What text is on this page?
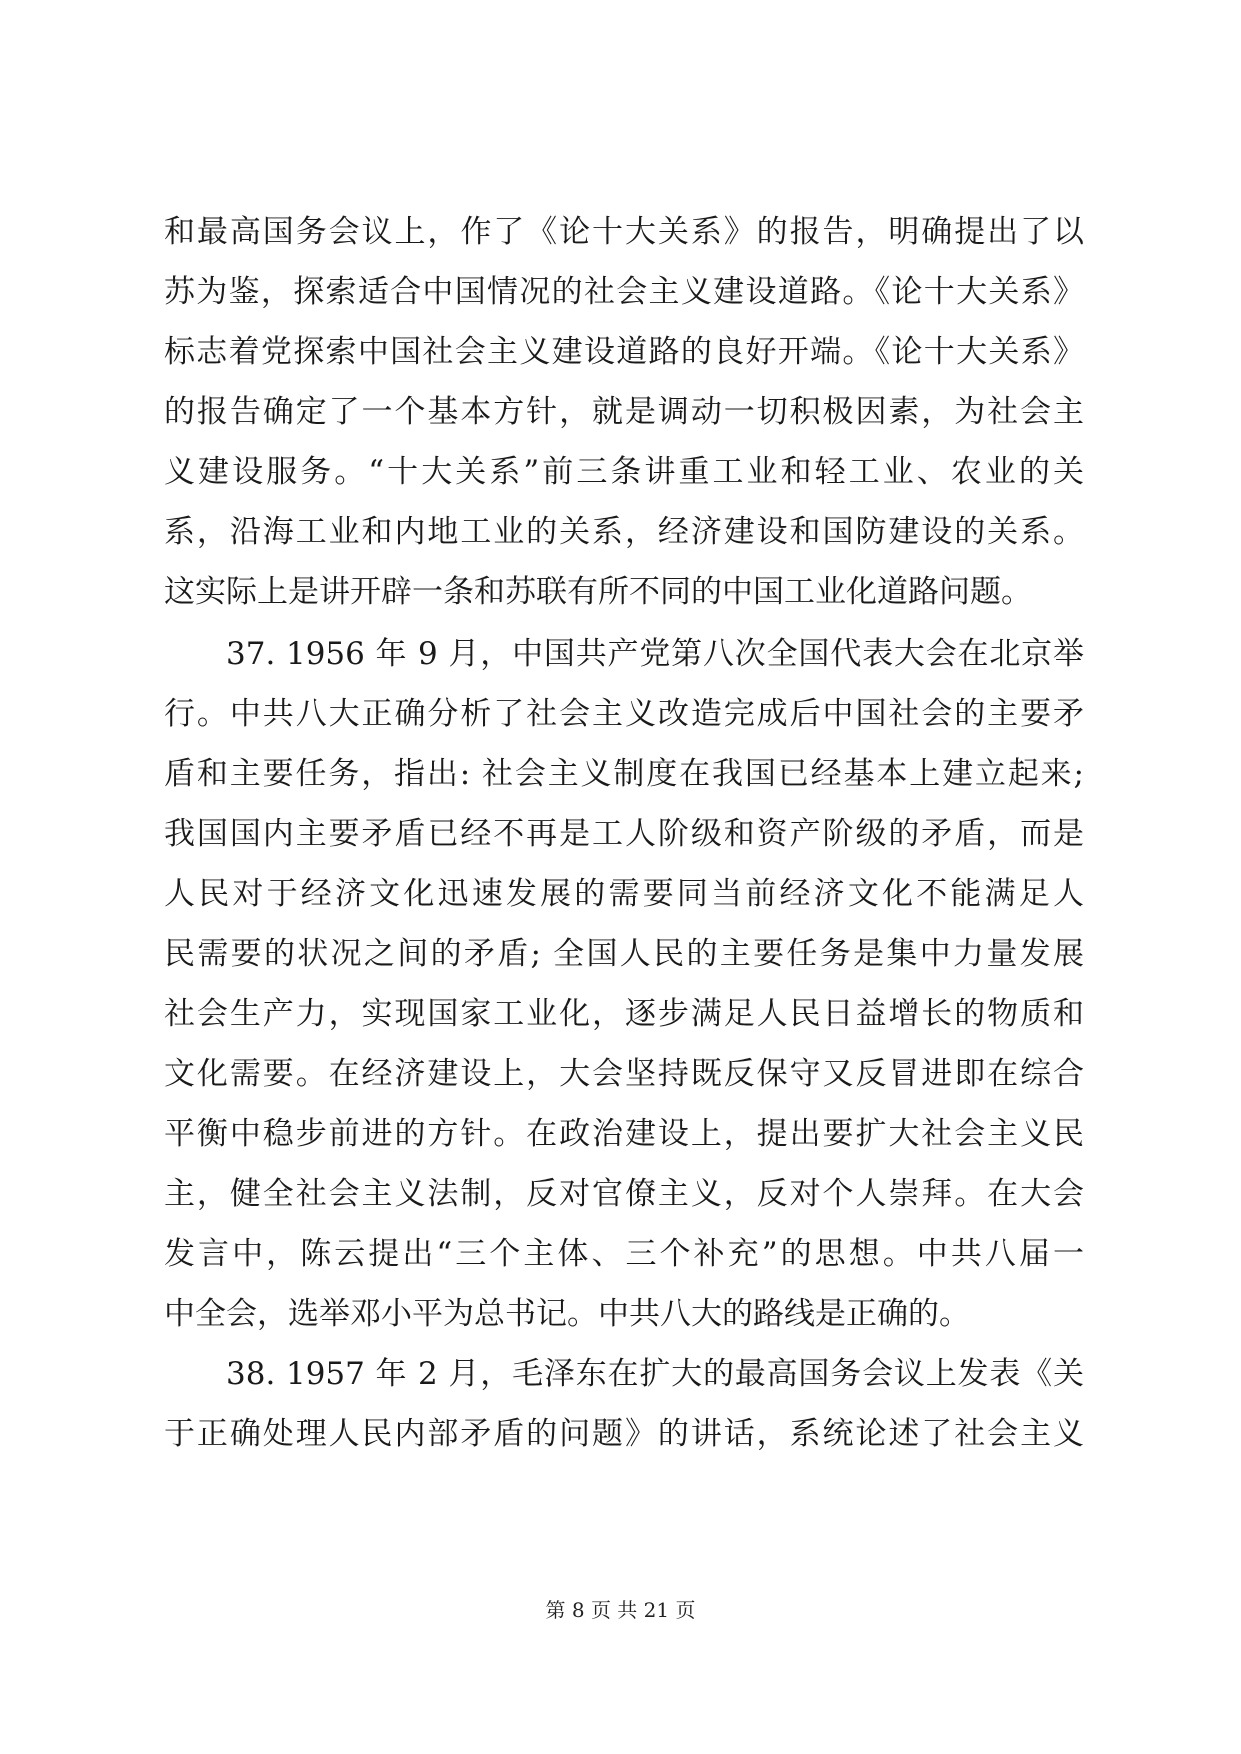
和最高国务会议上，作了《论十大关系》的报告，明确提出了以
苏为鉴，探索适合中国情况的社会主义建设道路。《论十大关系》
标志着党探索中国社会主义建设道路的良好开端。《论十大关系》
的报告确定了一个基本方针，就是调动一切积极因素，为社会主
义建设服务。“十大关系”前三条讲重工业和轻工业、农业的关
系，沿海工业和内地工业的关系，经济建设和国防建设的关系。
这实际上是讲开辟一条和苏联有所不同的中国工业化道路问题。
37. 1956 年 9 月，中国共产党第八次全国代表大会在北京举
行。中共八大正确分析了社会主义改造完成后中国社会的主要矛
盾和主要任务，指出: 社会主义制度在我国已经基本上建立起来;
我国国内主要矛盾已经不再是工人阶级和资产阶级的矛盾，而是
人民对于经济文化迅速发展的需要同当前经济文化不能满足人
民需要的状况之间的矛盾; 全国人民的主要任务是集中力量发展
社会生产力，实现国家工业化，逐步满足人民日益增长的物质和
文化需要。在经济建设上，大会坚持既反保守又反冒进即在综合
平衡中稳步前进的方针。在政治建设上，提出要扩大社会主义民
主，健全社会主义法制，反对官僚主义，反对个人崇拜。在大会
发言中，陈云提出“三个主体、三个补充”的思想。中共八届一
中全会，选举邓小平为总书记。中共八大的路线是正确的。
38. 1957 年 2 月，毛泽东在扩大的最高国务会议上发表《关
于正确处理人民内部矛盾的问题》的讲话，系统论述了社会主义
第 8 页 共 21 页
